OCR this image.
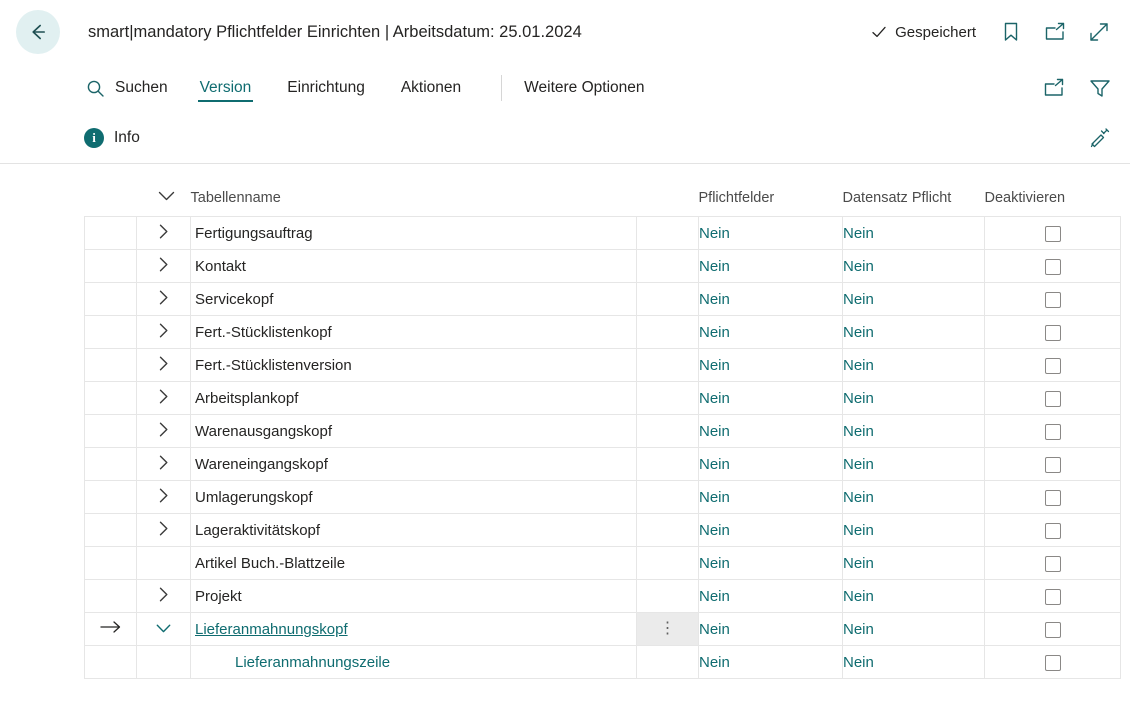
smart|mandatory Pflichtfelder Einrichten | Arbeitsdatum: 25.01.2024	Gespeichert
Suchen Version Einrichtung Aktionen	Weitere Optionen
i	Info
		Tabellenname		Pflichtfelder	Datensatz Pflicht	Deaktivieren
		Fertigungsauftrag		Nein	Nein	
		Kontakt		Nein	Nein	
		Servicekopf		Nein	Nein	
		Fert.-Stücklistenkopf		Nein	Nein	
		Fert.-Stücklistenversion		Nein	Nein	
		Arbeitsplankopf		Nein	Nein	
		Warenausgangskopf		Nein	Nein	
		Wareneingangskopf		Nein	Nein	
		Umlagerungskopf		Nein	Nein	
		Lageraktivitätskopf		Nein	Nein	
		Artikel Buch.-Blattzeile		Nein	Nein	
		Projekt		Nein	Nein	
		Lieferanmahnungskopf	⋮	Nein	Nein	
		Lieferanmahnungszeile		Nein	Nein	
